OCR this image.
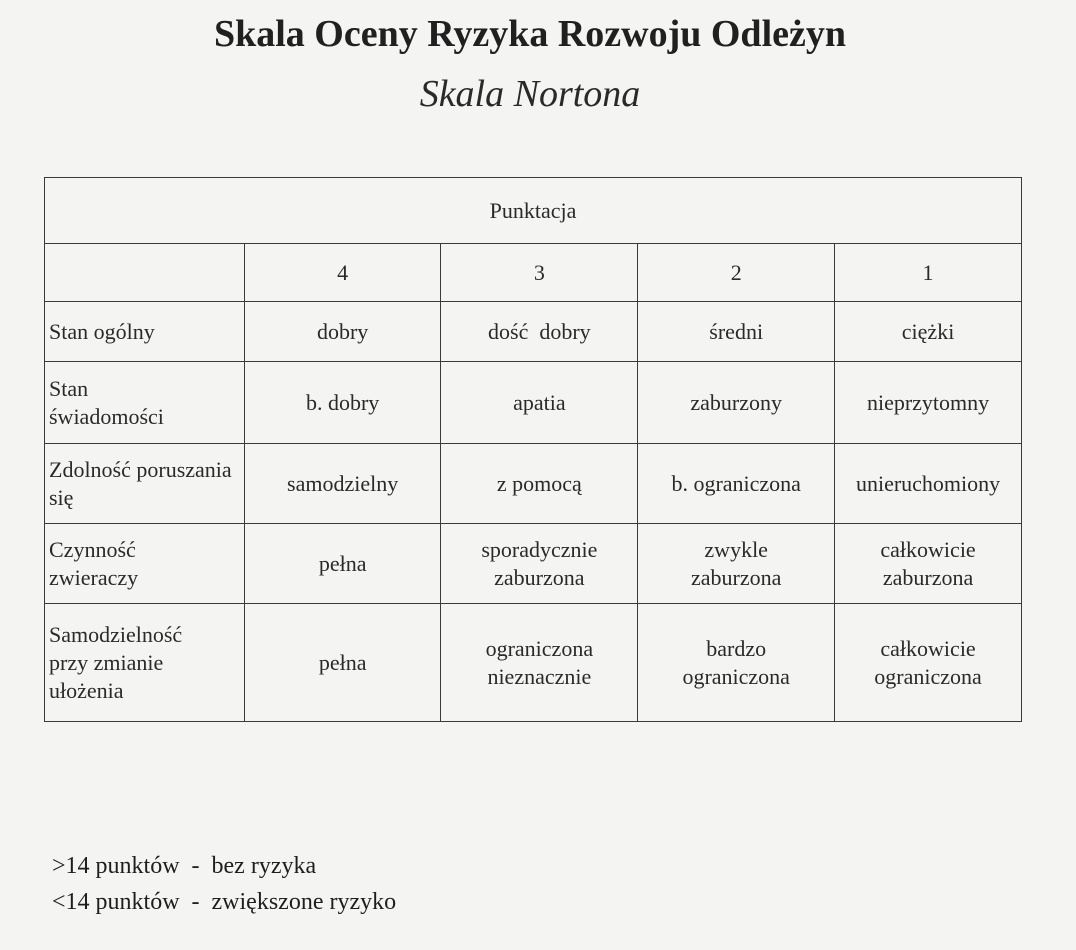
Skala Oceny Ryzyka Rozwoju Odleżyn
Skala Nortona
Punktacja				
	4	3	2	1
Stan ogólny	dobry	dość  dobry	średni	ciężki
Stan świadomości	b. dobry	apatia	zaburzony	nieprzytomny
Zdolność poruszania się	samodzielny	z pomocą	b. ograniczona	unieruchomiony
Czynność zwieraczy	pełna	sporadycznie zaburzona	zwykle zaburzona	całkowicie zaburzona
Samodzielność przy zmianie ułożenia	pełna	ograniczona nieznacznie	bardzo ograniczona	całkowicie ograniczona
>14 punktów  -  bez ryzyka
<14 punktów  -  zwiększone ryzyko
